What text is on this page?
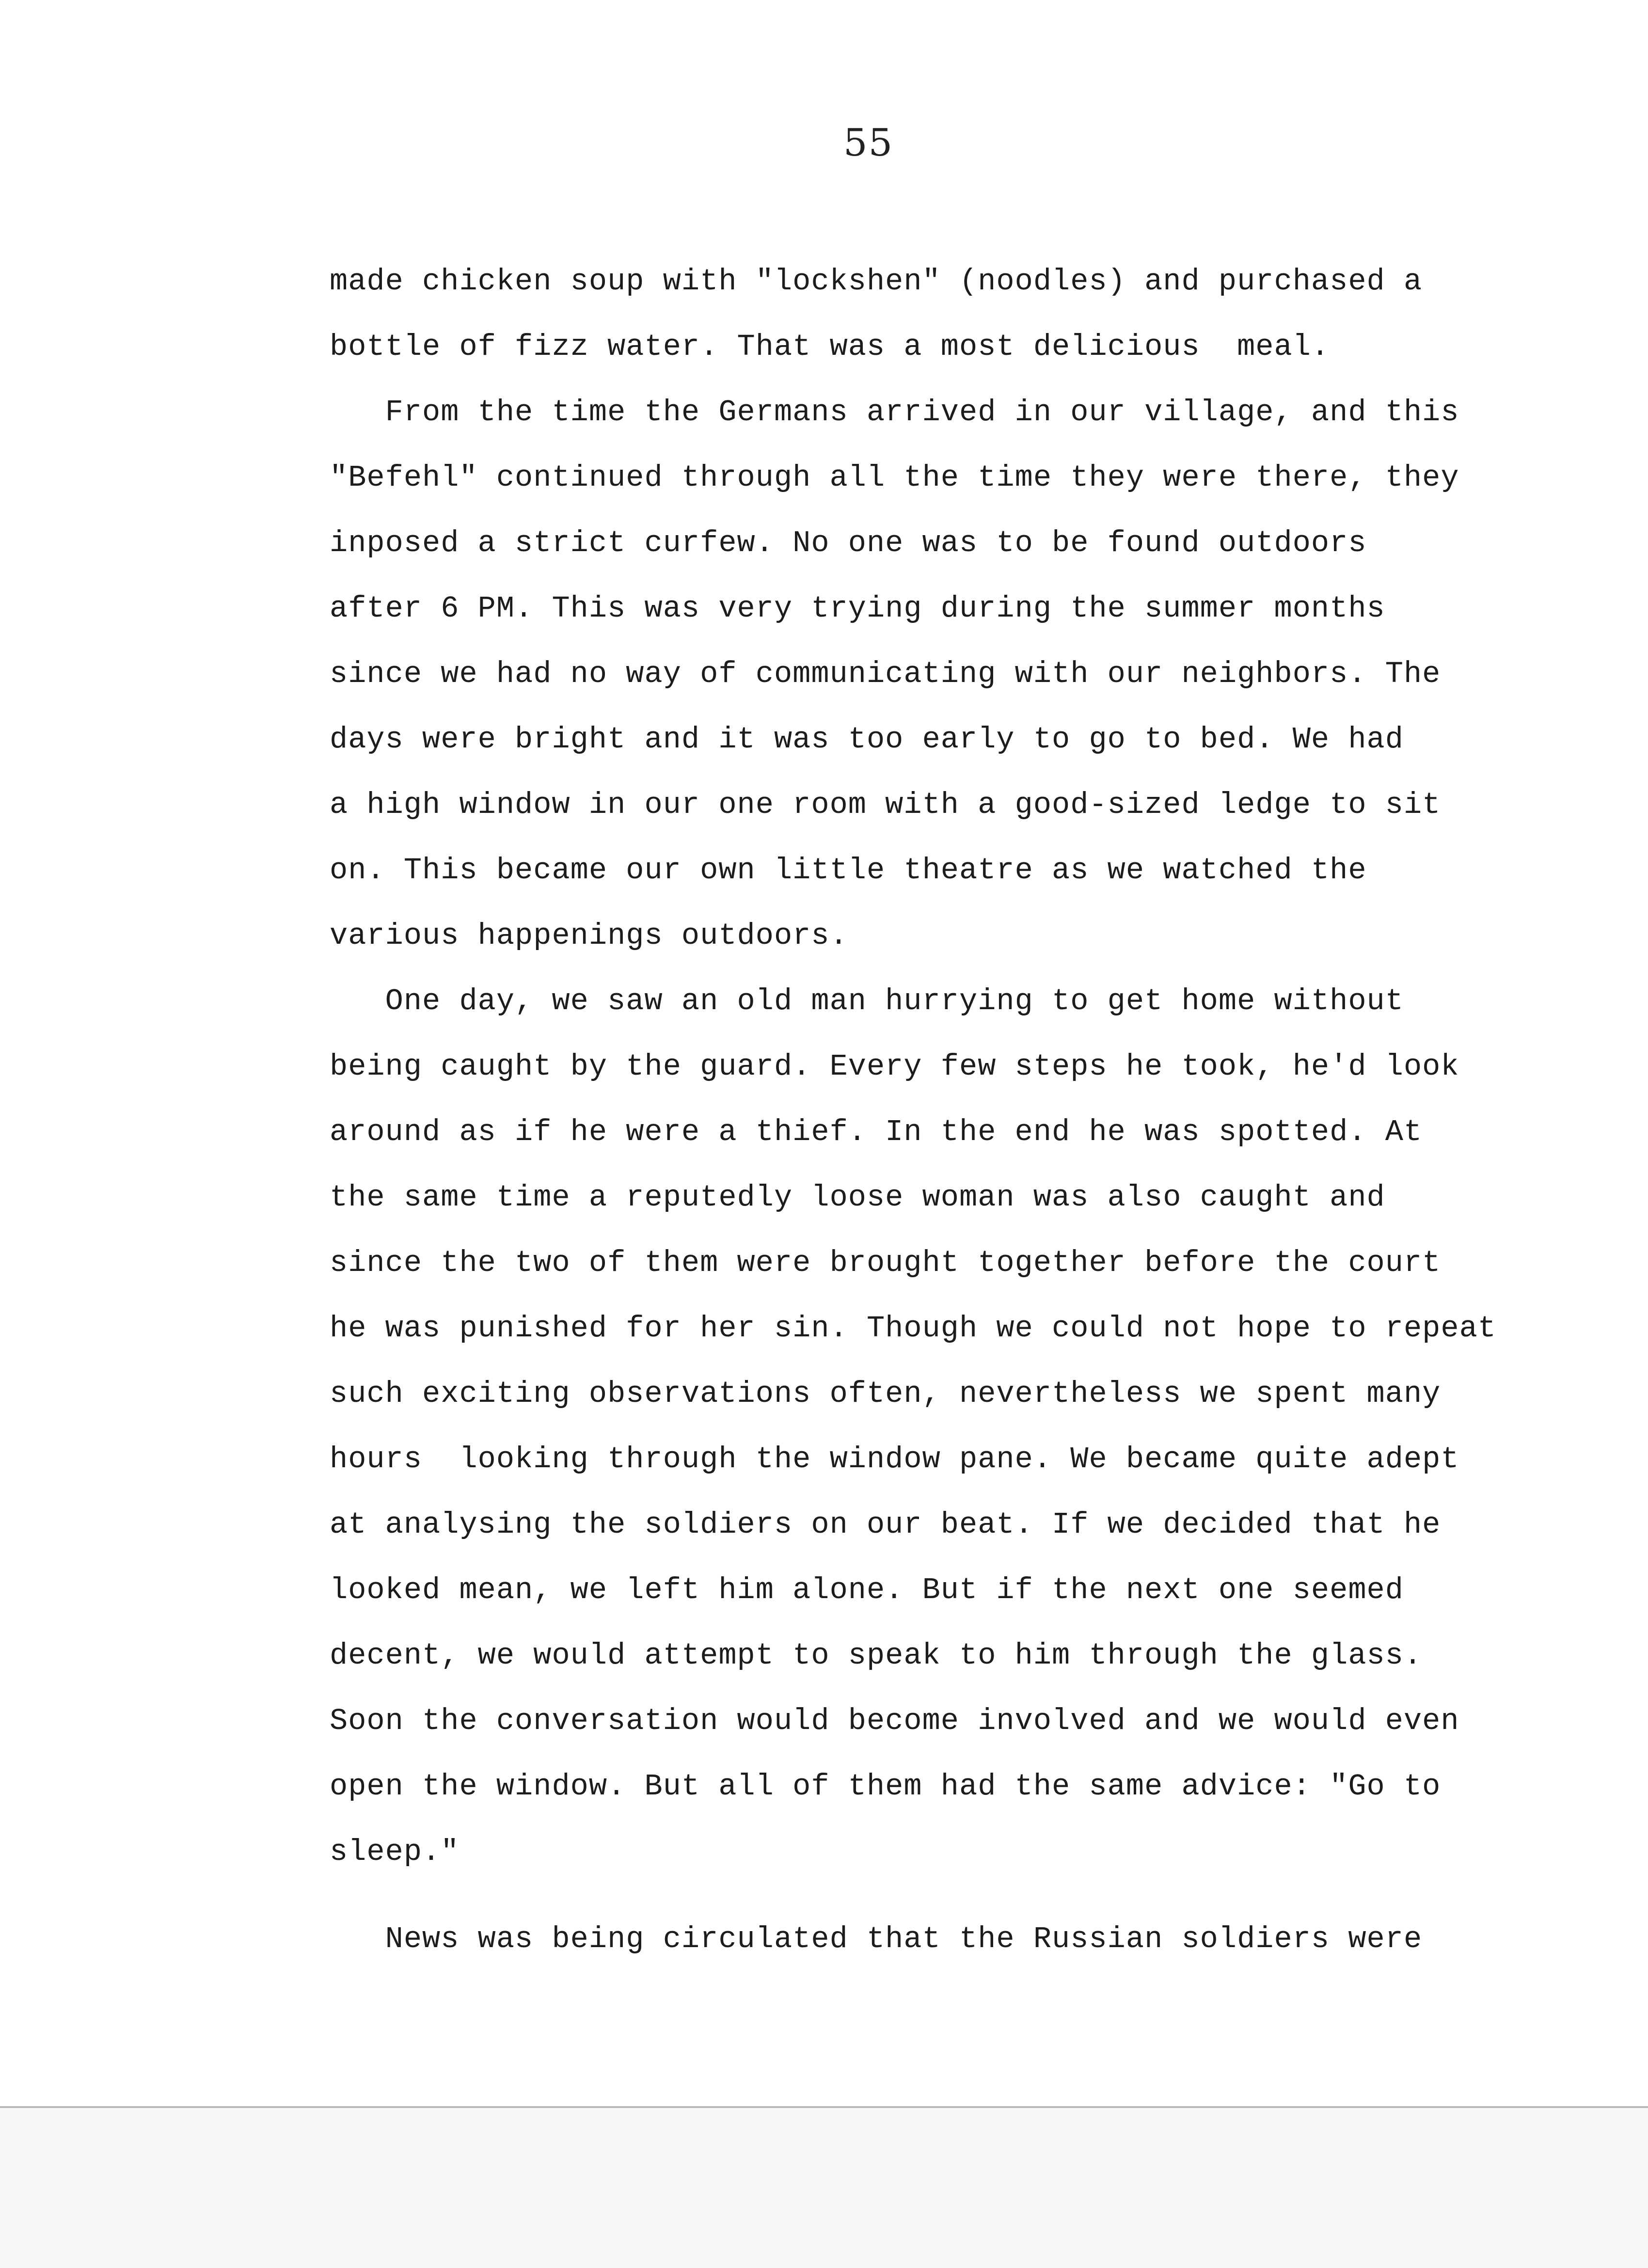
55
made chicken soup with "lockshen" (noodles) and purchased a
bottle of fizz water. That was a most delicious  meal.
From the time the Germans arrived in our village, and this
"Befehl" continued through all the time they were there, they
inposed a strict curfew. No one was to be found outdoors
after 6 PM. This was very trying during the summer months
since we had no way of communicating with our neighbors. The
days were bright and it was too early to go to bed. We had
a high window in our one room with a good-sized ledge to sit
on. This became our own little theatre as we watched the
various happenings outdoors.
One day, we saw an old man hurrying to get home without
being caught by the guard. Every few steps he took, he'd look
around as if he were a thief. In the end he was spotted. At
the same time a reputedly loose woman was also caught and
since the two of them were brought together before the court
he was punished for her sin. Though we could not hope to repeat
such exciting observations often, nevertheless we spent many
hours  looking through the window pane. We became quite adept
at analysing the soldiers on our beat. If we decided that he
looked mean, we left him alone. But if the next one seemed
decent, we would attempt to speak to him through the glass.
Soon the conversation would become involved and we would even
open the window. But all of them had the same advice: "Go to
sleep."
News was being circulated that the Russian soldiers were
